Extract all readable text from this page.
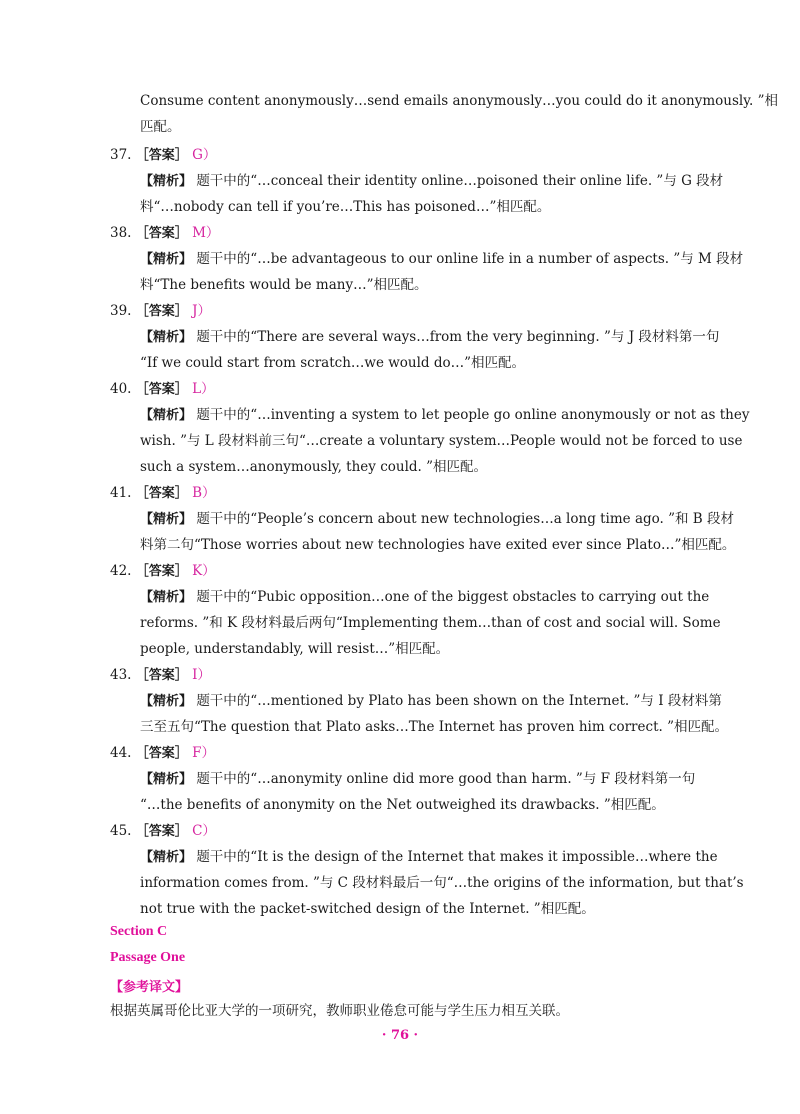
Consume content anonymously…send emails anonymously…you could do it anonymously. ”相
匹配。
37. ［答案］ G）
【精析】 题干中的“…conceal their identity online…poisoned their online life. ”与 G 段材
料“…nobody can tell if you’re…This has poisoned…”相匹配。
38. ［答案］ M）
【精析】 题干中的“…be advantageous to our online life in a number of aspects. ”与 M 段材
料“The benefits would be many…”相匹配。
39. ［答案］ J）
【精析】 题干中的“There are several ways…from the very beginning. ”与 J 段材料第一句
“If we could start from scratch…we would do…”相匹配。
40. ［答案］ L）
【精析】 题干中的“…inventing a system to let people go online anonymously or not as they
wish. ”与 L 段材料前三句“…create a voluntary system…People would not be forced to use
such a system…anonymously, they could. ”相匹配。
41. ［答案］ B）
【精析】 题干中的“People’s concern about new technologies…a long time ago. ”和 B 段材
料第二句“Those worries about new technologies have exited ever since Plato…”相匹配。
42. ［答案］ K）
【精析】 题干中的“Pubic opposition…one of the biggest obstacles to carrying out the
reforms. ”和 K 段材料最后两句“Implementing them…than of cost and social will. Some
people, understandably, will resist…”相匹配。
43. ［答案］ I）
【精析】 题干中的“…mentioned by Plato has been shown on the Internet. ”与 I 段材料第
三至五句“The question that Plato asks…The Internet has proven him correct. ”相匹配。
44. ［答案］ F）
【精析】 题干中的“…anonymity online did more good than harm. ”与 F 段材料第一句
“…the benefits of anonymity on the Net outweighed its drawbacks. ”相匹配。
45. ［答案］ C）
【精析】 题干中的“It is the design of the Internet that makes it impossible…where the
information comes from. ”与 C 段材料最后一句“…the origins of the information, but that’s
not true with the packet-switched design of the Internet. ”相匹配。
Section C
Passage One
【参考译文】
根据英属哥伦比亚大学的一项研究，教师职业倦怠可能与学生压力相互关联。
· 76 ·
